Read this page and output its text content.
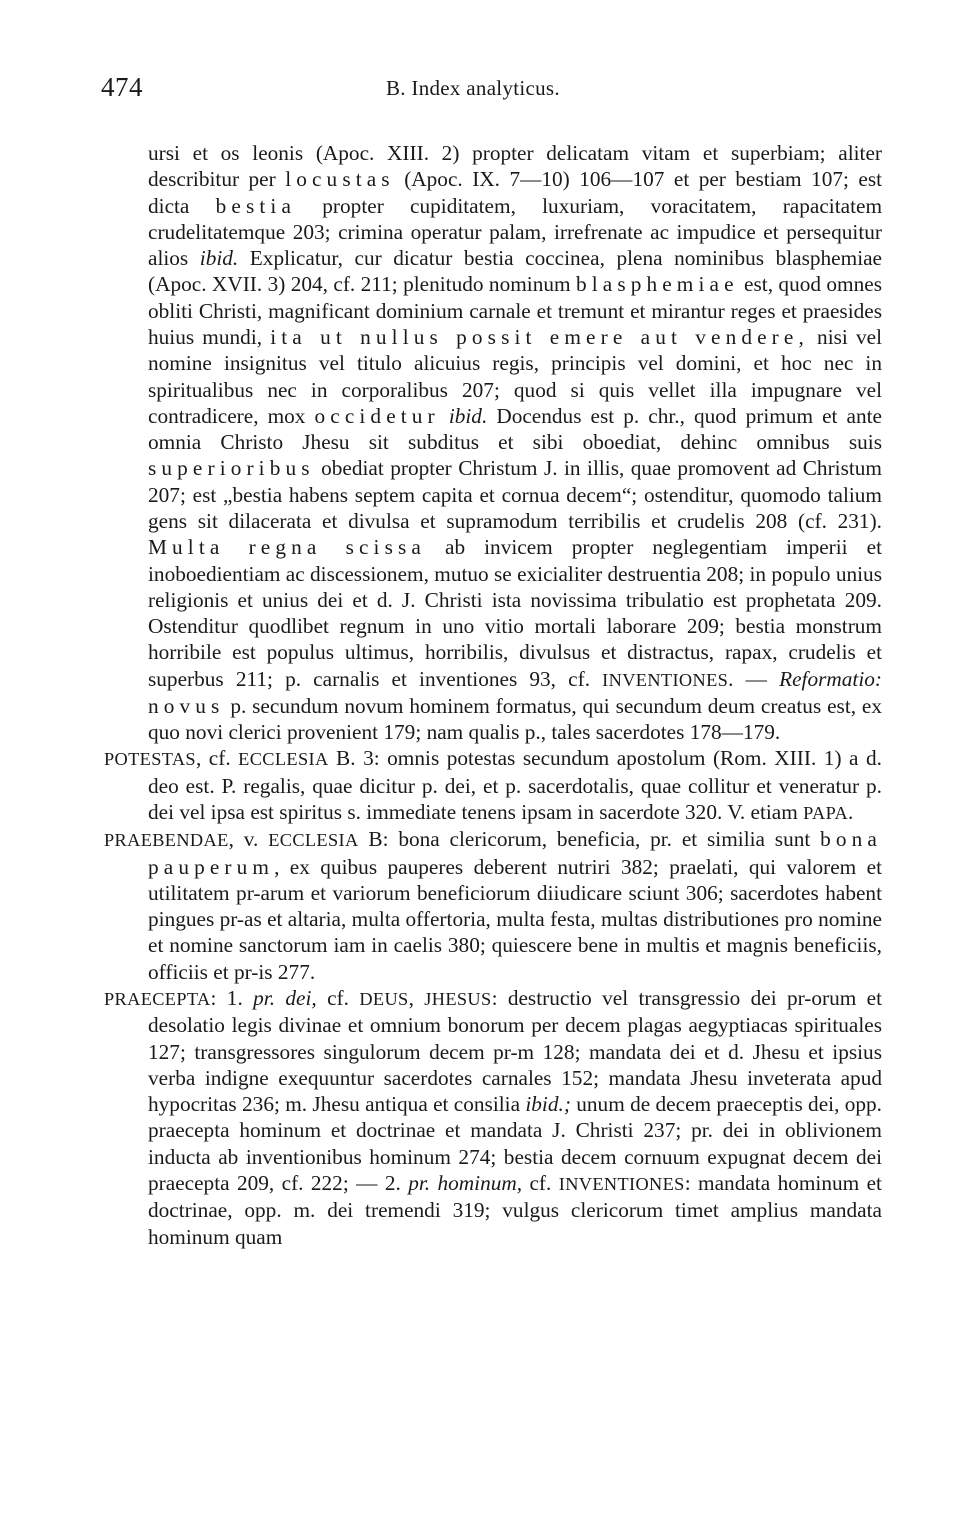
474	B. Index analyticus.

ursi et os leonis (Apoc. XIII. 2) propter delicatam vitam et superbiam; aliter describitur per locustas (Apoc. IX. 7—10) 106—107 et per bestiam 107; est dicta bestia propter cupiditatem, luxuriam, voracitatem, rapacitatem crudelitatemque 203; crimina operatur palam, irrefrenate ac impudice et persequitur alios ibid. Explicatur, cur dicatur bestia coccinea, plena nominibus blasphemiae (Apoc. XVII. 3) 204, cf. 211; plenitudo nominum blasphemiae est, quod omnes obliti Christi, magnificant dominium carnale et tremunt et mirantur reges et praesides huius mundi, ita ut nullus possit emere aut vendere, nisi vel nomine insignitus vel titulo alicuius regis, principis vel domini, et hoc nec in spiritualibus nec in corporalibus 207; quod si quis vellet illa impugnare vel contradicere, mox occidetur ibid. Docendus est p. chr., quod primum et ante omnia Christo Jhesu sit subditus et sibi oboediat, dehinc omnibus suis superioribus obediat propter Christum J. in illis, quae promovent ad Christum 207; est „bestia habens septem capita et cornua decem“; ostenditur, quomodo talium gens sit dilacerata et divulsa et supramodum terribilis et crudelis 208 (cf. 231). Multa regna scissa ab invicem propter neglegentiam imperii et inoboedientiam ac discessionem, mutuo se exicialiter destruentia 208; in populo unius religionis et unius dei et d. J. Christi ista novissima tribulatio est prophetata 209. Ostenditur quodlibet regnum in uno vitio mortali laborare 209; bestia monstrum horribile est populus ultimus, horribilis, divulsus et distractus, rapax, crudelis et superbus 211; p. carnalis et inventiones 93, cf. INVENTIONES. — Reformatio: novus p. secundum novum hominem formatus, qui secundum deum creatus est, ex quo novi clerici provenient 179; nam qualis p., tales sacerdotes 178—179.

POTESTAS, cf. ECCLESIA B. 3: omnis potestas secundum apostolum (Rom. XIII. 1) a d. deo est. P. regalis, quae dicitur p. dei, et p. sacerdotalis, quae collitur et veneratur p. dei vel ipsa est spiritus s. immediate tenens ipsam in sacerdote 320. V. etiam PAPA.

PRAEBENDAE, v. ECCLESIA B: bona clericorum, beneficia, pr. et similia sunt bona pauperum, ex quibus pauperes deberent nutriri 382; praelati, qui valorem et utilitatem pr-arum et variorum beneficiorum diiudicare sciunt 306; sacerdotes habent pingues pr-as et altaria, multa offertoria, multa festa, multas distributiones pro nomine et nomine sanctorum iam in caelis 380; quiescere bene in multis et magnis beneficiis, officiis et pr-is 277.

PRAECEPTA: 1. pr. dei, cf. DEUS, JHESUS: destructio vel transgressio dei pr-orum et desolatio legis divinae et omnium bonorum per decem plagas aegyptiacas spirituales 127; transgressores singulorum decem pr-m 128; mandata dei et d. Jhesu et ipsius verba indigne exequuntur sacerdotes carnales 152; mandata Jhesu inveterata apud hypocritas 236; m. Jhesu antiqua et consilia ibid.; unum de decem praeceptis dei, opp. praecepta hominum et doctrinae et mandata J. Christi 237; pr. dei in oblivionem inducta ab inventionibus hominum 274; bestia decem cornuum expugnat decem dei praecepta 209, cf. 222; — 2. pr. hominum, cf. INVENTIONES: mandata hominum et doctrinae, opp. m. dei tremendi 319; vulgus clericorum timet amplius mandata hominum quam
